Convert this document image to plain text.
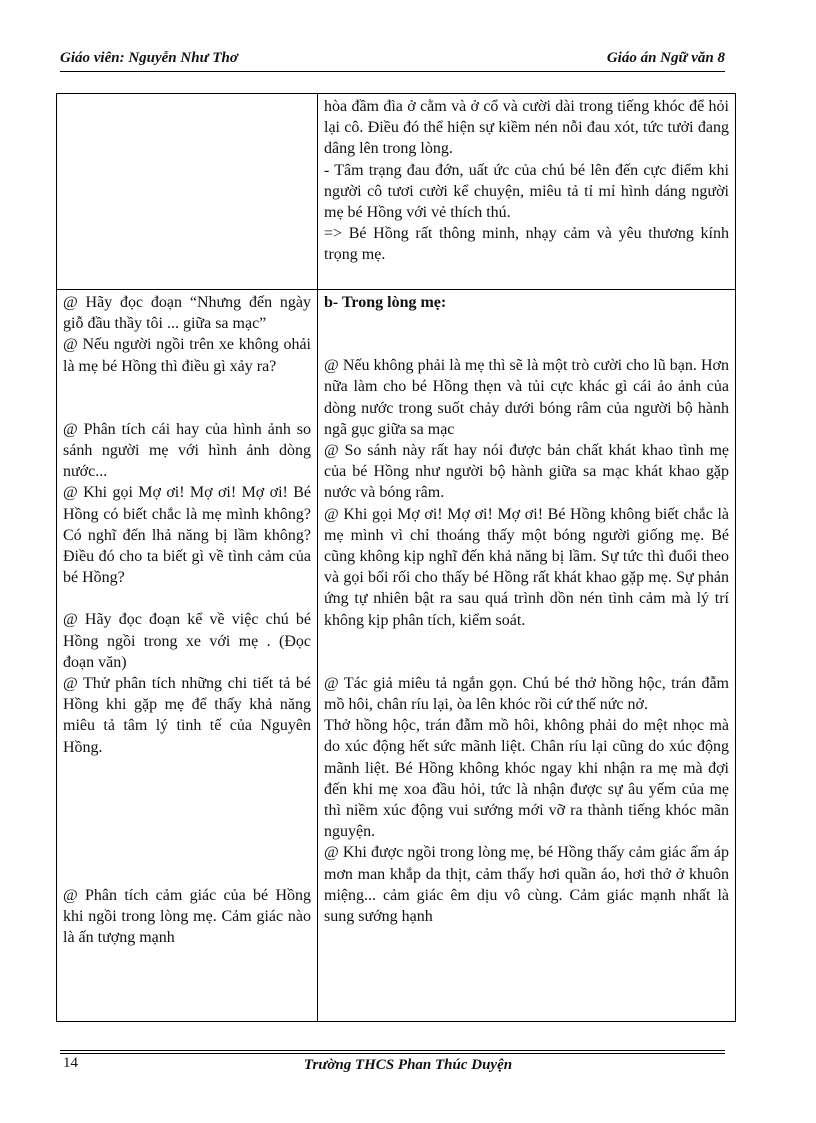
Giáo viên: Nguyễn Như Thơ	Giáo án Ngữ văn 8

hòa đầm đìa ở cằm và ở cổ và cười dài trong tiếng khóc để hỏi lại cô. Điều đó thể hiện sự kiềm nén nỗi đau xót, tức tưởi đang dâng lên trong lòng.

- Tâm trạng đau đớn, uất ức của chú bé lên đến cực điểm khi người cô tươi cười kể chuyện, miêu tả tỉ mỉ hình dáng người mẹ bé Hồng với vẻ thích thú.

=> Bé Hồng rất thông minh, nhạy cảm và yêu thương kính trọng mẹ.

@ Hãy đọc đoạn “Nhưng đến ngày giỗ đầu thầy tôi ... giữa sa mạc”

@ Nếu người ngồi trên xe không ohải là mẹ bé Hồng thì điều gì xảy ra?

@ Phân tích cái hay của hình ảnh so sánh người mẹ với hình ảnh dòng nước...

@ Khi gọi Mợ ơi! Mợ ơi! Mợ ơi! Bé Hồng có biết chắc là mẹ mình không? Có nghĩ đến lhả năng bị lầm không? Điều đó cho ta biết gì về tình cảm của bé Hồng?

@ Hãy đọc đoạn kể về việc chú bé Hồng ngồi trong xe với mẹ . (Đọc đoạn văn)

@ Thử phân tích những chi tiết tả bé Hồng khi gặp mẹ để thấy khả năng miêu tả tâm lý tinh tế của Nguyên Hồng.

@ Phân tích cảm giác của bé Hồng khi ngồi trong lòng mẹ. Cảm giác nào là ấn tượng mạnh

b- Trong lòng mẹ:

@ Nếu không phải là mẹ thì sẽ là một trò cười cho lũ bạn. Hơn nữa làm cho bé Hồng thẹn và tủi cực khác gì cái ảo ảnh của dòng nước trong suốt chảy dưới bóng râm của người bộ hành ngã gục giữa sa mạc

@ So sánh này rất hay nói được bản chất khát khao tình mẹ của bé Hồng như người bộ hành giữa sa mạc khát khao gặp nước và bóng râm.

@ Khi gọi Mợ ơi! Mợ ơi! Mợ ơi! Bé Hồng không biết chắc là mẹ mình vì chỉ thoáng thấy một bóng người giống mẹ. Bé cũng không kịp nghĩ đến khả năng bị lầm. Sự tức thì đuổi theo và gọi bối rối cho thấy bé Hồng rất khát khao gặp mẹ. Sự phản ứng tự nhiên bật ra sau quá trình dồn nén tình cảm mà lý trí không kịp phân tích, kiểm soát.

@ Tác giả miêu tả ngắn gọn. Chú bé thở hồng hộc, trán đẫm mồ hôi, chân ríu lại, òa lên khóc rồi cứ thế nức nở.

Thở hồng hộc, trán đẫm mồ hôi, không phải do mệt nhọc mà do xúc động hết sức mãnh liệt. Chân ríu lại cũng do xúc động mãnh liệt. Bé Hồng không khóc ngay khi nhận ra mẹ mà đợi đến khi mẹ xoa đầu hỏi, tức là nhận được sự âu yếm của mẹ thì niềm xúc động vui sướng mới vỡ ra thành tiếng khóc mãn nguyện.

@ Khi được ngồi trong lòng mẹ, bé Hồng thấy cảm giác ấm áp mơn man khắp da thịt, cảm thấy hơi quần áo, hơi thở ở khuôn miệng... cảm giác êm dịu vô cùng. Cảm giác mạnh nhất là sung sướng hạnh

14	Trường THCS Phan Thúc Duyện
